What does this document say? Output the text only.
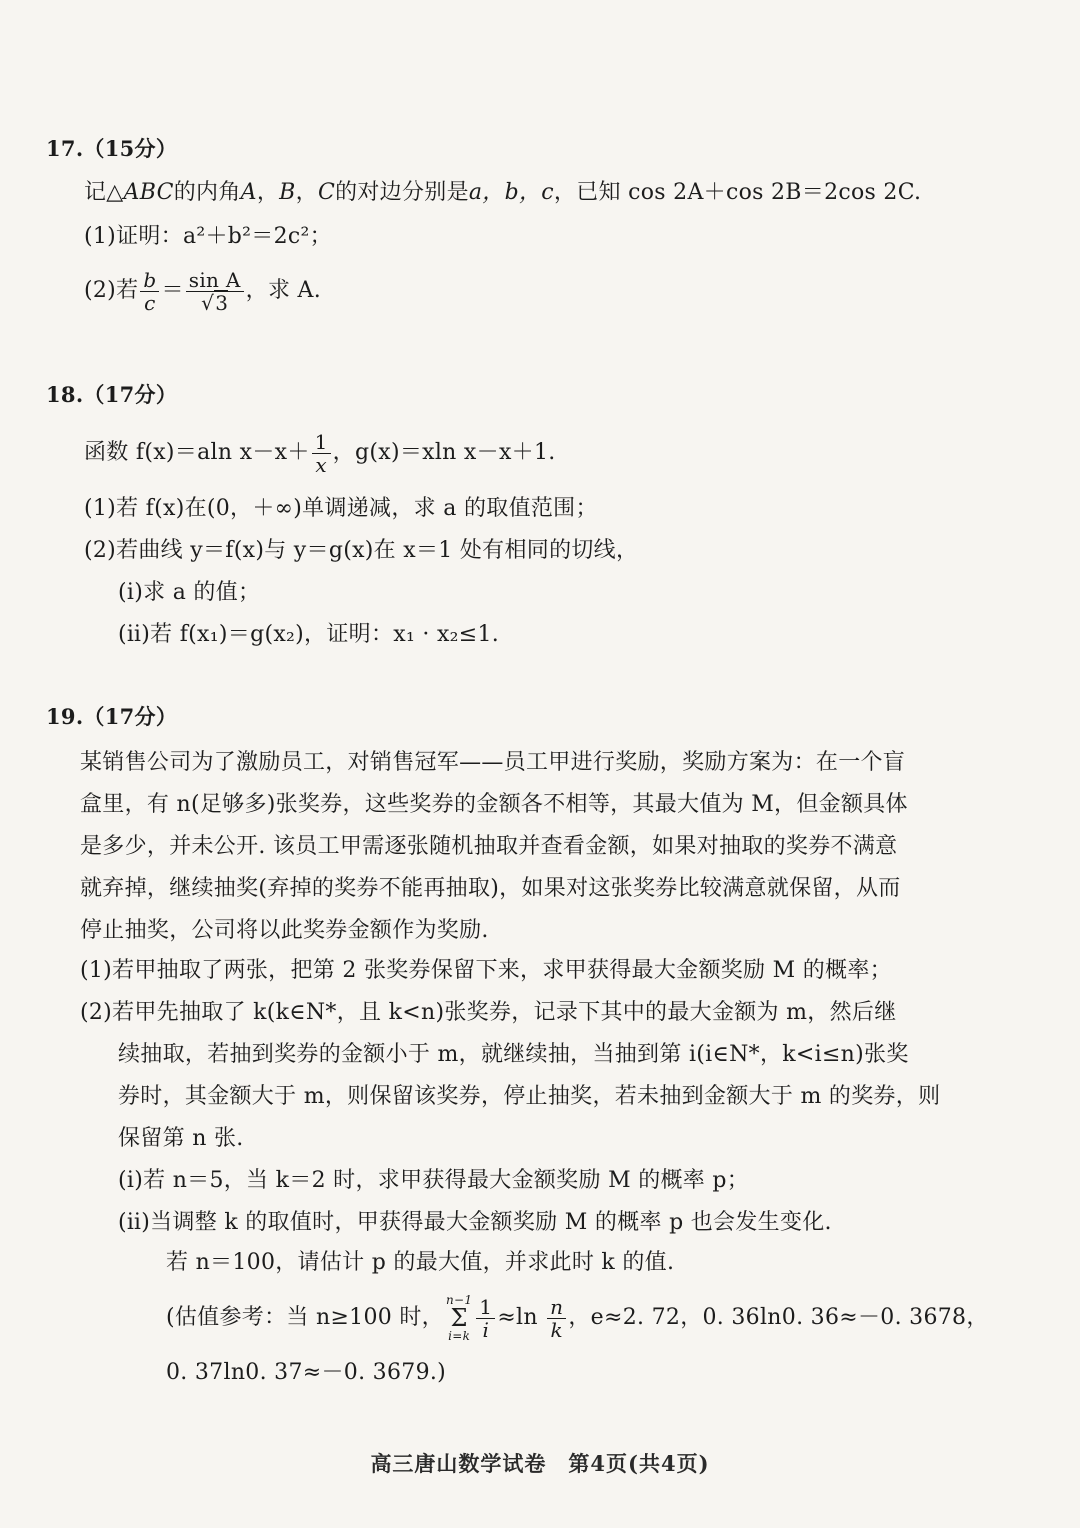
17.（15分）
记△ABC的内角A，B，C的对边分别是a，b，c，已知 cos 2A＋cos 2B＝2cos 2C.
(1)证明：a²＋b²＝2c²；
(2)若 $\frac{b}{c} = \frac{\text{sin A}}{√3}$ ，求 A.
18.（17分）
函数 f(x)＝aln $x-x+ \frac{1}{x}$ ，g(x)＝xln x－x＋1.
(1)若 f(x)在(0，＋∞)单调递减，求 a 的取值范围；
(2)若曲线 y＝f(x)与 y＝g(x)在 x＝1 处有相同的切线，
(ⅰ)求 a 的值；
(ⅱ)若 f(x₁)＝g(x₂)，证明：x₁ · x₂≤1.
19.（17分）
某销售公司为了激励员工，对销售冠军——员工甲进行奖励，奖励方案为：在一个盲
盒里，有 n(足够多)张奖券，这些奖券的金额各不相等，其最大值为 M，但金额具体
是多少，并未公开. 该员工甲需逐张随机抽取并查看金额，如果对抽取的奖券不满意
就弃掉，继续抽奖(弃掉的奖券不能再抽取)，如果对这张奖券比较满意就保留，从而
停止抽奖，公司将以此奖券金额作为奖励.
(1)若甲抽取了两张，把第 2 张奖券保留下来，求甲获得最大金额奖励 M 的概率；
(2)若甲先抽取了 k(k∈N*，且 k<n)张奖券，记录下其中的最大金额为 m，然后继
续抽取，若抽到奖券的金额小于 m，就继续抽，当抽到第 i(i∈N*，k<i≤n)张奖
券时，其金额大于 m，则保留该奖券，停止抽奖，若未抽到金额大于 m 的奖券，则
保留第 n 张.
(ⅰ)若 n＝5，当 k＝2 时，求甲获得最大金额奖励 M 的概率 p；
(ⅱ)当调整 k 的取值时，甲获得最大金额奖励 M 的概率 p 也会发生变化.
若 n＝100，请估计 p 的最大值，并求此时 k 的值.
(估值参考：当 n≥100 时，
n−1
Σ
$i=k \frac{1}{i} \approx\ln \frac{n}{k}$ ，e≈2. 72，0. 36ln0. 36≈－0. 3678，
0. 37ln0. 37≈－0. 3679.)
高三唐山数学试卷　第4页(共4页)
